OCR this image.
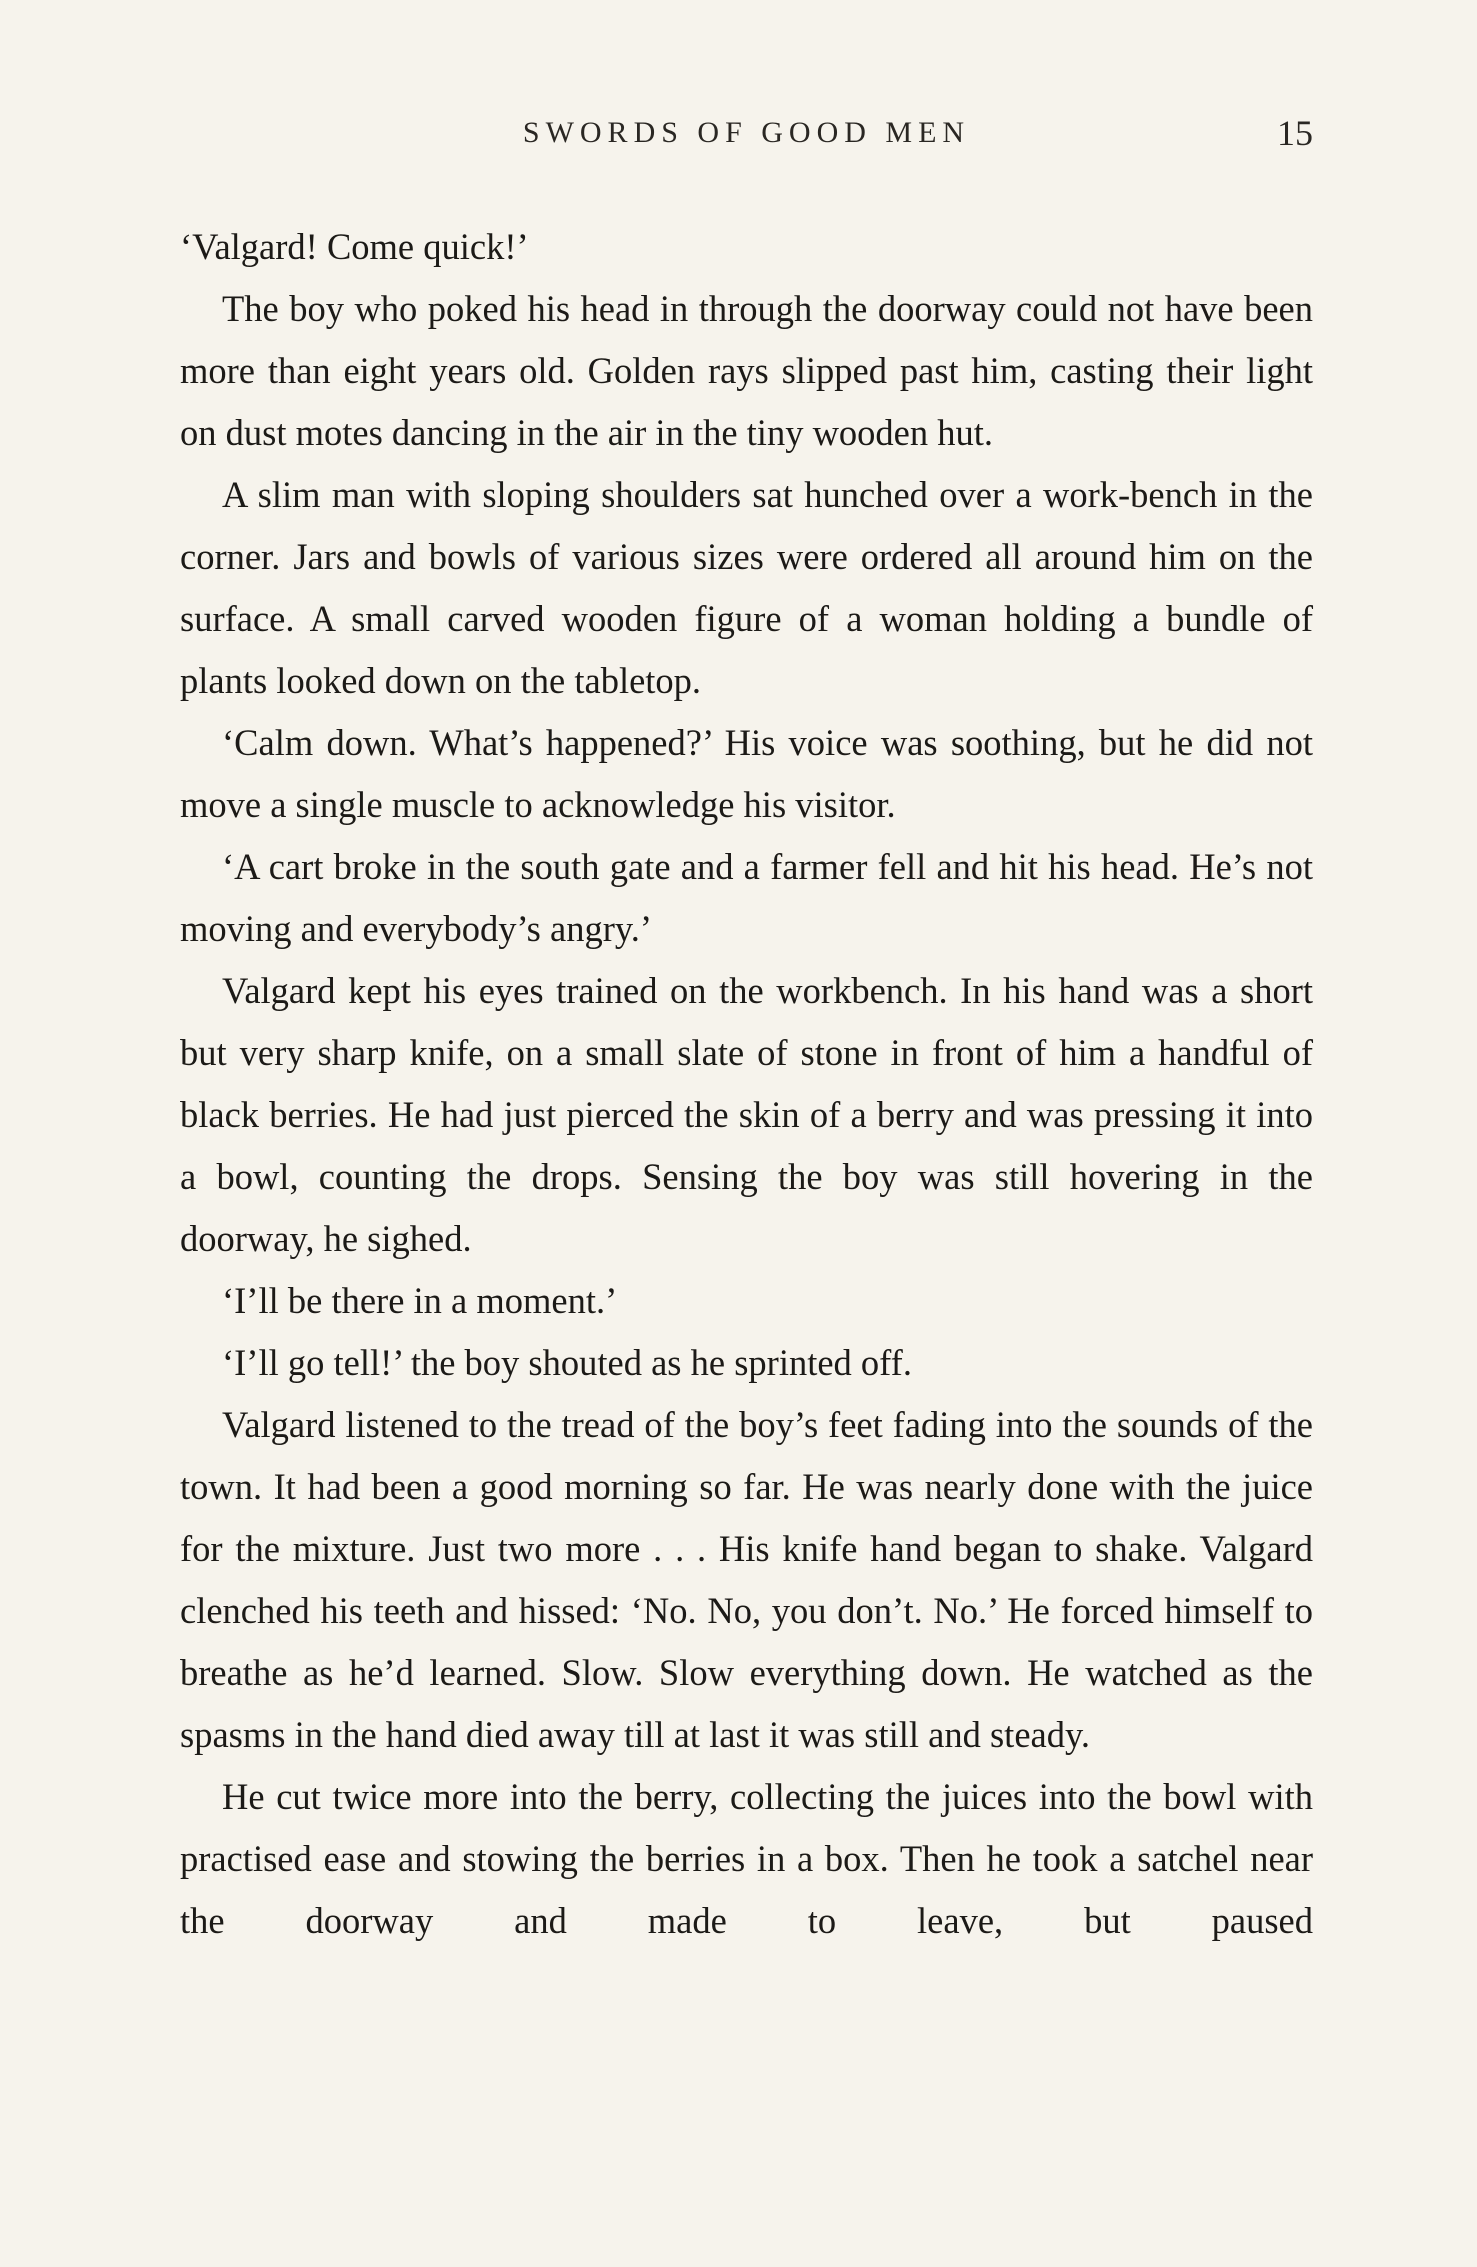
SWORDS OF GOOD MEN	15

‘Valgard! Come quick!’

The boy who poked his head in through the doorway could not have been more than eight years old. Golden rays slipped past him, casting their light on dust motes dancing in the air in the tiny wooden hut.

A slim man with sloping shoulders sat hunched over a work-bench in the corner. Jars and bowls of various sizes were ordered all around him on the surface. A small carved wooden figure of a woman holding a bundle of plants looked down on the tabletop.

‘Calm down. What’s happened?’ His voice was soothing, but he did not move a single muscle to acknowledge his visitor.

‘A cart broke in the south gate and a farmer fell and hit his head. He’s not moving and everybody’s angry.’

Valgard kept his eyes trained on the workbench. In his hand was a short but very sharp knife, on a small slate of stone in front of him a handful of black berries. He had just pierced the skin of a berry and was pressing it into a bowl, counting the drops. Sensing the boy was still hovering in the doorway, he sighed.

‘I’ll be there in a moment.’

‘I’ll go tell!’ the boy shouted as he sprinted off.

Valgard listened to the tread of the boy’s feet fading into the sounds of the town. It had been a good morning so far. He was nearly done with the juice for the mixture. Just two more . . . His knife hand began to shake. Valgard clenched his teeth and hissed: ‘No. No, you don’t. No.’ He forced himself to breathe as he’d learned. Slow. Slow everything down. He watched as the spasms in the hand died away till at last it was still and steady.

He cut twice more into the berry, collecting the juices into the bowl with practised ease and stowing the berries in a box. Then he took a satchel near the doorway and made to leave, but paused
